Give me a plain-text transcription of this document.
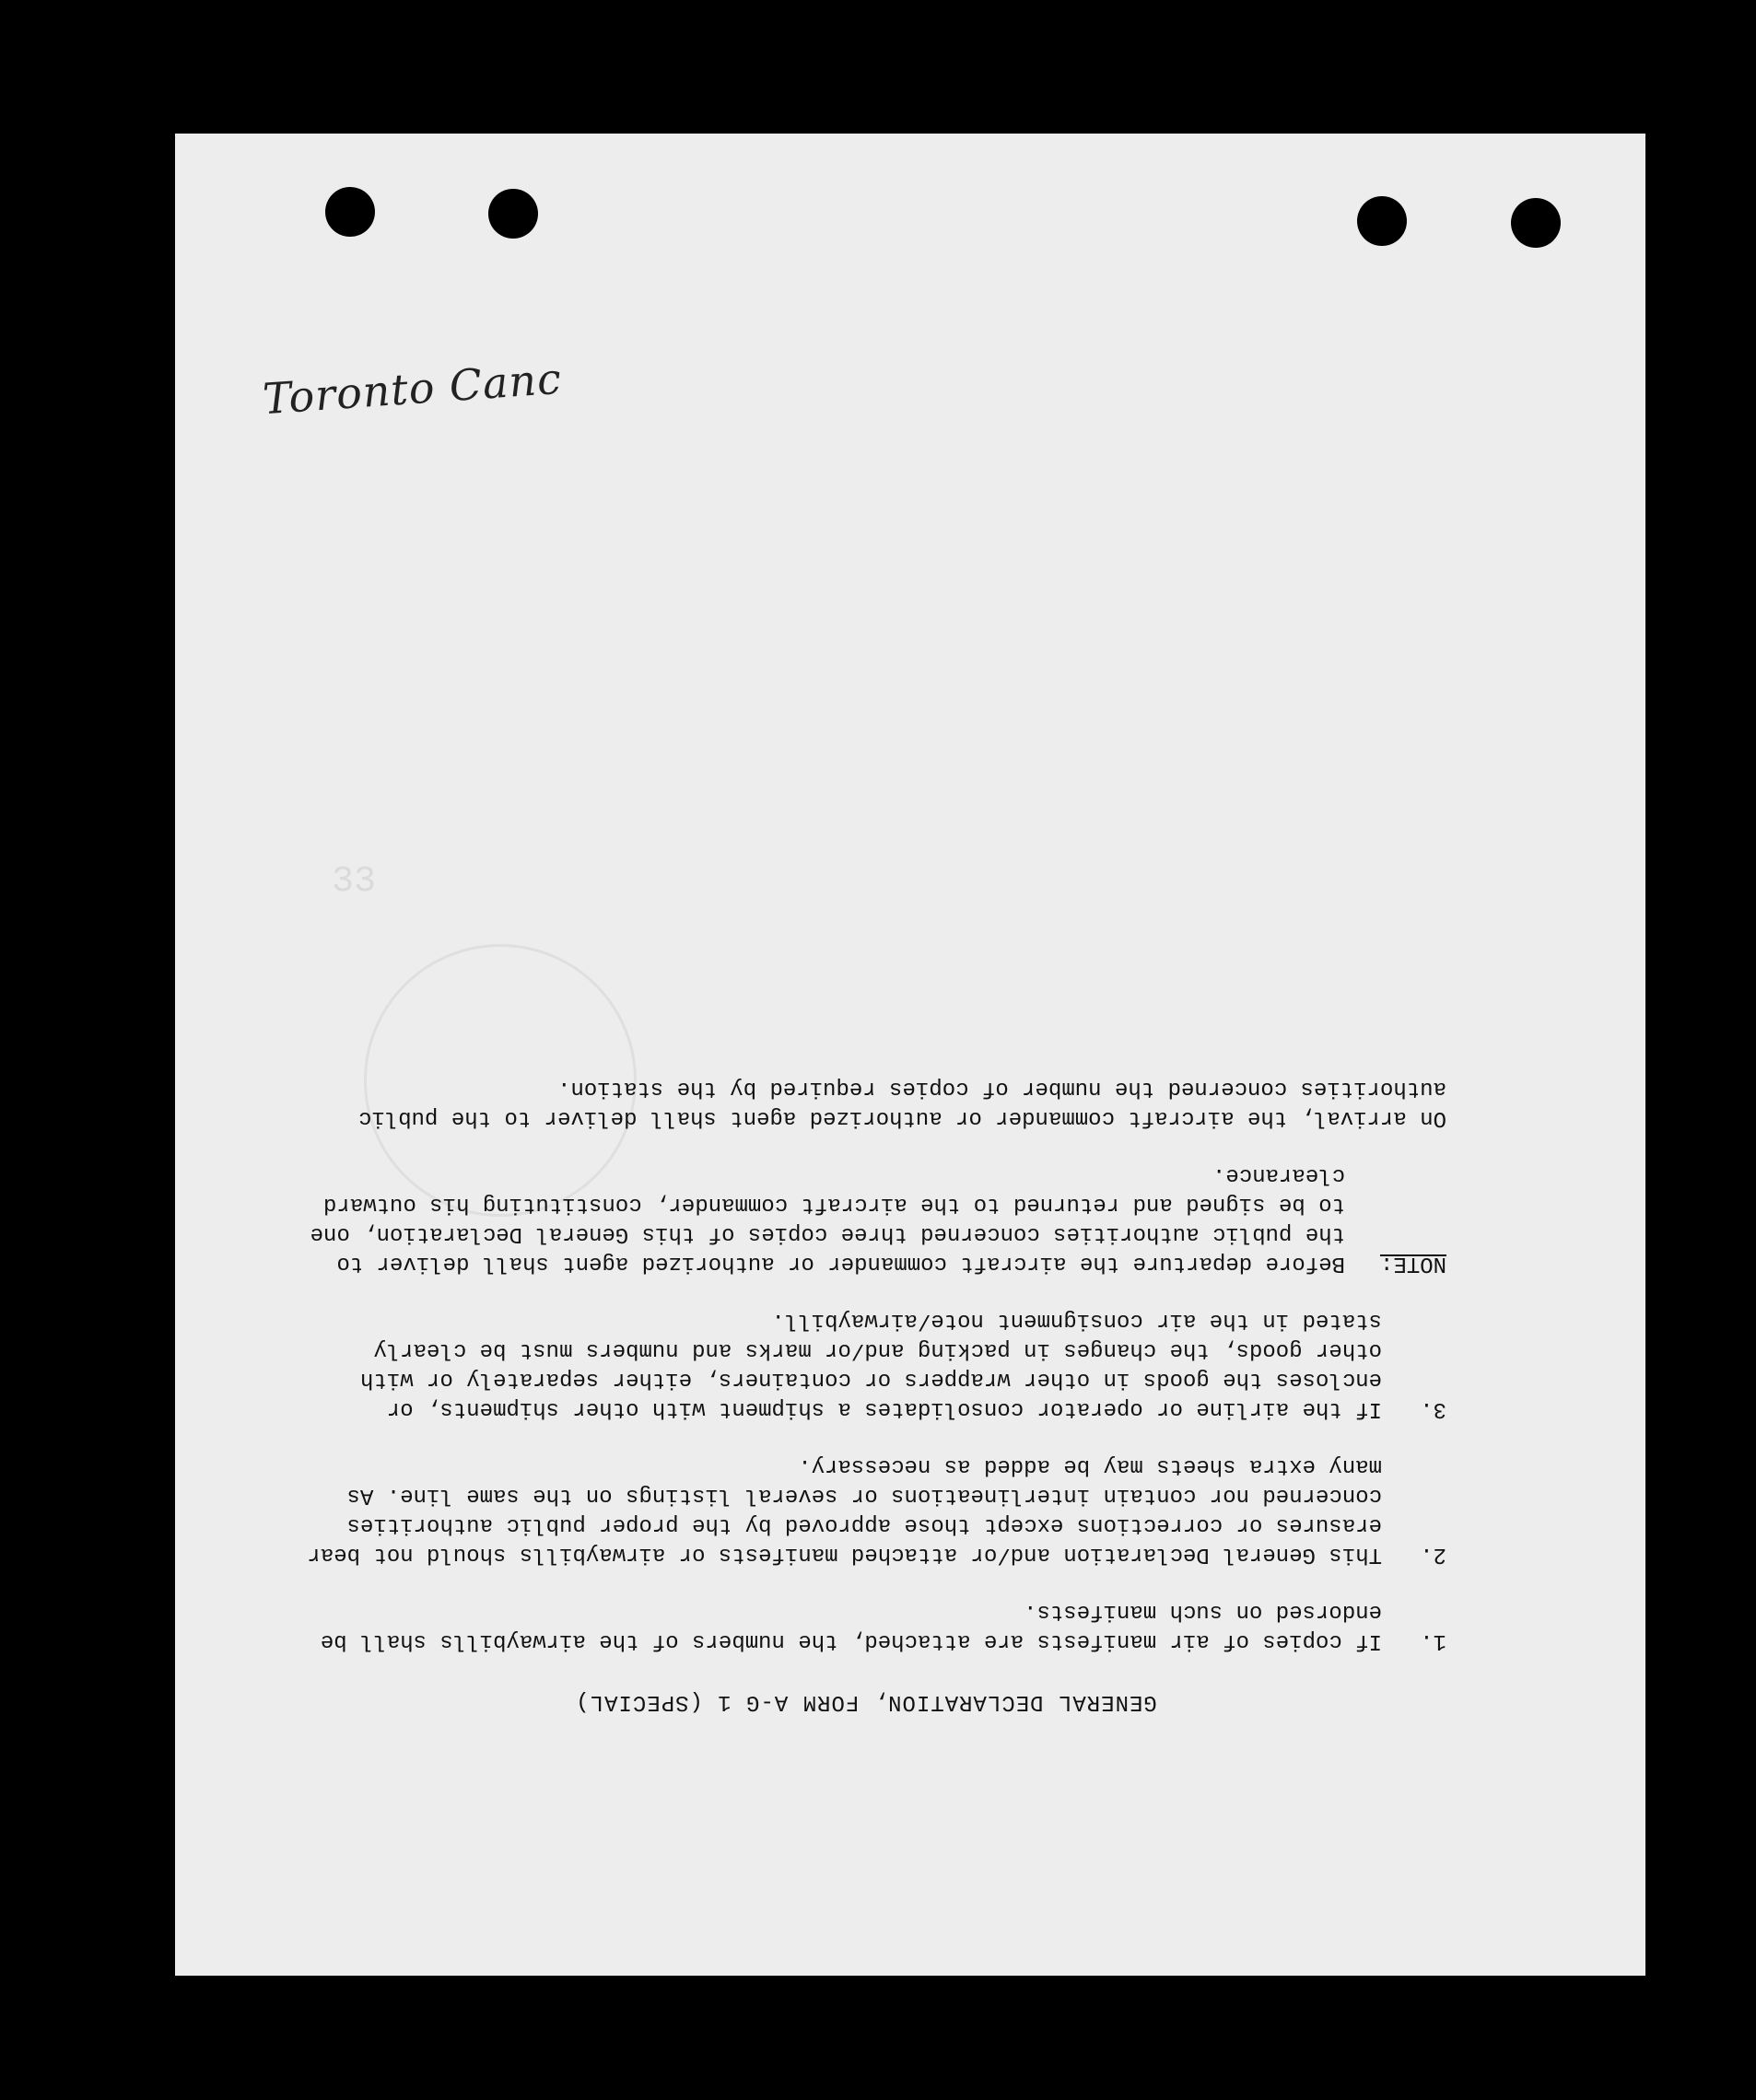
Toronto Canc
33
GENERAL DECLARATION, FORM A-G 1 (SPECIAL)
1.
If copies of air manifests are attached, the numbers of the airwaybills shall be endorsed on such manifests.
2.
This General Declaration and/or attached manifests or airwaybills should not bear erasures or corrections except those approved by the proper public authorities concerned nor contain interlineations or several listings on the same line. As many extra sheets may be added as necessary.
3.
If the airline or operator consolidates a shipment with other shipments, or encloses the goods in other wrappers or containers, either separately or with other goods, the changes in packing and/or marks and numbers must be clearly stated in the air consignment note/airwaybill.
NOTE:
Before departure the aircraft commander or authorized agent shall deliver to the public authorities concerned three copies of this General Declaration, one to be signed and returned to the aircraft commander, constituting his outward clearance.
On arrival, the aircraft commander or authorized agent shall deliver to the public authorities concerned the number of copies required by the station.
